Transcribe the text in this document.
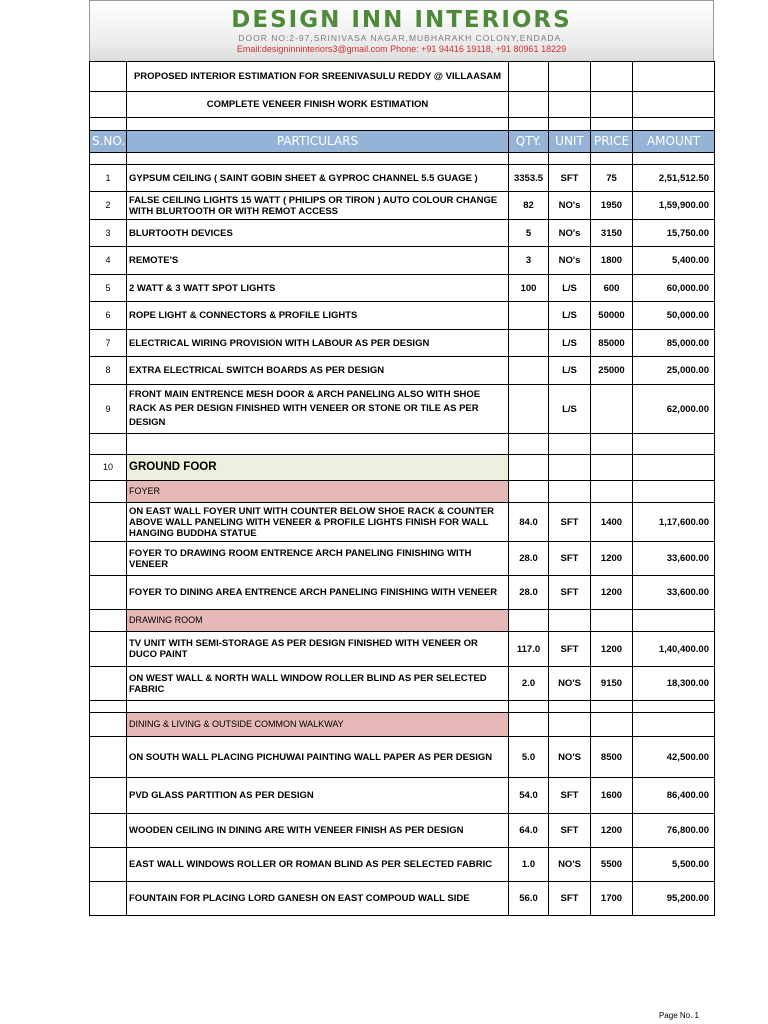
DESIGN INN INTERIORS
DOOR NO:2-97,SRINIVASA NAGAR,MUBHARAKH COLONY,ENDADA.
Email:designinninteriors3@gmail.com Phone: +91 94416 19118, +91 80961 18229
	PROPOSED INTERIOR ESTIMATION FOR SREENIVASULU REDDY @ VILLAASAM				
	COMPLETE VENEER FINISH WORK ESTIMATION				

S.NO.	PARTICULARS	QTY.	UNIT	PRICE	AMOUNT

1	GYPSUM CEILING ( SAINT GOBIN SHEET & GYPROC CHANNEL 5.5 GUAGE )	3353.5	SFT	75	2,51,512.50
2	FALSE CEILING LIGHTS 15 WATT ( PHILIPS OR TIRON ) AUTO COLOUR CHANGE WITH BLURTOOTH OR WITH REMOT ACCESS	82	NO's	1950	1,59,900.00
3	BLURTOOTH DEVICES	5	NO's	3150	15,750.00
4	REMOTE'S	3	NO's	1800	5,400.00
5	2 WATT & 3 WATT SPOT LIGHTS	100	L/S	600	60,000.00
6	ROPE LIGHT & CONNECTORS & PROFILE LIGHTS		L/S	50000	50,000.00
7	ELECTRICAL WIRING PROVISION WITH LABOUR AS PER DESIGN		L/S	85000	85,000.00
8	EXTRA ELECTRICAL SWITCH BOARDS AS PER DESIGN		L/S	25000	25,000.00
9	FRONT MAIN ENTRENCE MESH DOOR & ARCH PANELING ALSO WITH SHOE RACK AS PER DESIGN FINISHED WITH VENEER OR STONE OR TILE AS PER DESIGN		L/S		62,000.00

10	GROUND FOOR				
	FOYER				
	ON EAST WALL FOYER UNIT WITH COUNTER BELOW SHOE RACK & COUNTER ABOVE WALL PANELING WITH VENEER & PROFILE LIGHTS FINISH FOR WALL HANGING BUDDHA STATUE	84.0	SFT	1400	1,17,600.00
	FOYER TO DRAWING ROOM ENTRENCE ARCH PANELING FINISHING WITH VENEER	28.0	SFT	1200	33,600.00
	FOYER TO DINING AREA ENTRENCE ARCH PANELING FINISHING WITH VENEER	28.0	SFT	1200	33,600.00
	DRAWING ROOM				
	TV UNIT WITH SEMI-STORAGE AS PER DESIGN FINISHED WITH VENEER OR DUCO PAINT	117.0	SFT	1200	1,40,400.00
	ON WEST WALL & NORTH WALL WINDOW ROLLER BLIND AS PER SELECTED FABRIC	2.0	NO'S	9150	18,300.00

	DINING & LIVING & OUTSIDE COMMON WALKWAY				
	ON SOUTH WALL PLACING PICHUWAI PAINTING WALL PAPER AS PER DESIGN	5.0	NO'S	8500	42,500.00
	PVD GLASS PARTITION AS PER DESIGN	54.0	SFT	1600	86,400.00
	WOODEN CEILING IN DINING ARE WITH VENEER FINISH AS PER DESIGN	64.0	SFT	1200	76,800.00
	EAST WALL WINDOWS ROLLER OR ROMAN BLIND AS PER SELECTED FABRIC	1.0	NO'S	5500	5,500.00
	FOUNTAIN FOR PLACING LORD GANESH ON EAST COMPOUD WALL SIDE	56.0	SFT	1700	95,200.00
Page No. 1
